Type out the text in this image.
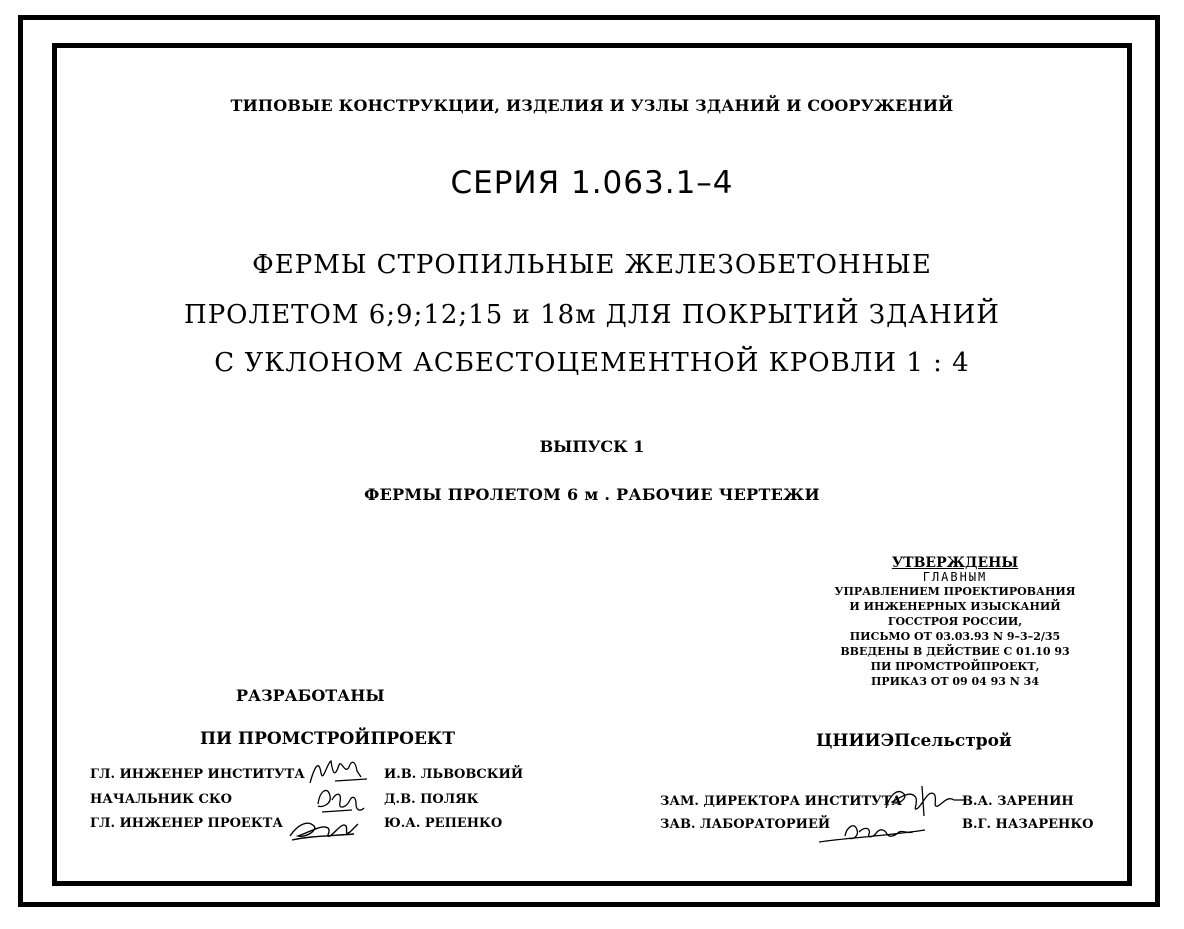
ТИПОВЫЕ КОНСТРУКЦИИ, ИЗДЕЛИЯ И УЗЛЫ ЗДАНИЙ И СООРУЖЕНИЙ
СЕРИЯ 1.063.1–4
ФЕРМЫ СТРОПИЛЬНЫЕ ЖЕЛЕЗОБЕТОННЫЕ
ПРОЛЕТОМ 6;9;12;15 и 18м ДЛЯ ПОКРЫТИЙ ЗДАНИЙ
С УКЛОНОМ АСБЕСТОЦЕМЕНТНОЙ КРОВЛИ 1 : 4
ВЫПУСК 1
ФЕРМЫ ПРОЛЕТОМ 6 м . РАБОЧИЕ ЧЕРТЕЖИ
УТВЕРЖДЕНЫ
ГЛАВНЫМ
УПРАВЛЕНИЕМ ПРОЕКТИРОВАНИЯ
И ИНЖЕНЕРНЫХ ИЗЫСКАНИЙ
ГОССТРОЯ РОССИИ,
ПИСЬМО ОТ 03.03.93 N 9–3–2/35
ВВЕДЕНЫ В ДЕЙСТВИЕ С 01.10 93
ПИ ПРОМСТРОЙПРОЕКТ,
ПРИКАЗ ОТ 09 04 93 N 34
РАЗРАБОТАНЫ
ПИ ПРОМСТРОЙПРОЕКТ	ЦНИИЭПсельстрой
ГЛ. ИНЖЕНЕР ИНСТИТУТА	И.В. ЛЬВОВСКИЙ
НАЧАЛЬНИК СКО	Д.В. ПОЛЯК
ГЛ. ИНЖЕНЕР ПРОЕКТА	Ю.А. РЕПЕНКО
ЗАМ. ДИРЕКТОРА ИНСТИТУТА	В.А. ЗАРЕНИН
ЗАВ. ЛАБОРАТОРИЕЙ	В.Г. НАЗАРЕНКО
